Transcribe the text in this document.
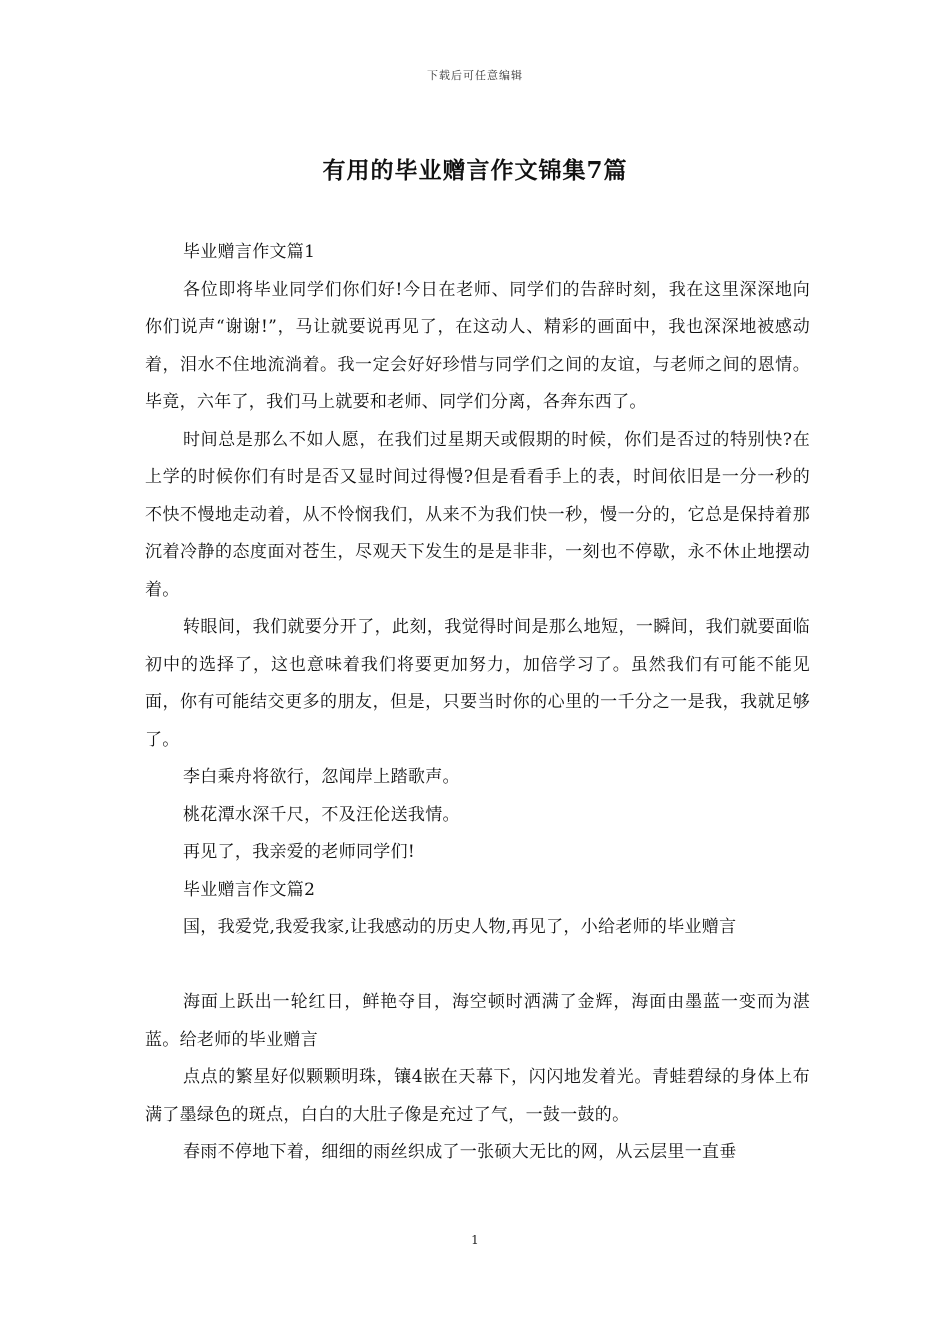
下载后可任意编辑
有用的毕业赠言作文锦集7篇

毕业赠言作文篇1

各位即将毕业同学们你们好!今日在老师、同学们的告辞时刻，我在这里深深地向你们说声“谢谢!”，马让就要说再见了，在这动人、精彩的画面中，我也深深地被感动着，泪水不住地流淌着。我一定会好好珍惜与同学们之间的友谊，与老师之间的恩情。毕竟，六年了，我们马上就要和老师、同学们分离，各奔东西了。

时间总是那么不如人愿，在我们过星期天或假期的时候，你们是否过的特别快?在上学的时候你们有时是否又显时间过得慢?但是看看手上的表，时间依旧是一分一秒的不快不慢地走动着，从不怜悯我们，从来不为我们快一秒，慢一分的，它总是保持着那沉着冷静的态度面对苍生，尽观天下发生的是是非非，一刻也不停歇，永不休止地摆动着。

转眼间，我们就要分开了，此刻，我觉得时间是那么地短，一瞬间，我们就要面临初中的选择了，这也意味着我们将要更加努力，加倍学习了。虽然我们有可能不能见面，你有可能结交更多的朋友，但是，只要当时你的心里的一千分之一是我，我就足够了。

李白乘舟将欲行，忽闻岸上踏歌声。

桃花潭水深千尺，不及汪伦送我情。

再见了，我亲爱的老师同学们!

毕业赠言作文篇2

国，我爱党,我爱我家,让我感动的历史人物,再见了，小给老师的毕业赠言

海面上跃出一轮红日，鲜艳夺目，海空顿时洒满了金辉，海面由墨蓝一变而为湛蓝。给老师的毕业赠言

点点的繁星好似颗颗明珠，镶4嵌在天幕下，闪闪地发着光。青蛙碧绿的身体上布满了墨绿色的斑点，白白的大肚子像是充过了气，一鼓一鼓的。

春雨不停地下着，细细的雨丝织成了一张硕大无比的网，从云层里一直垂

1
